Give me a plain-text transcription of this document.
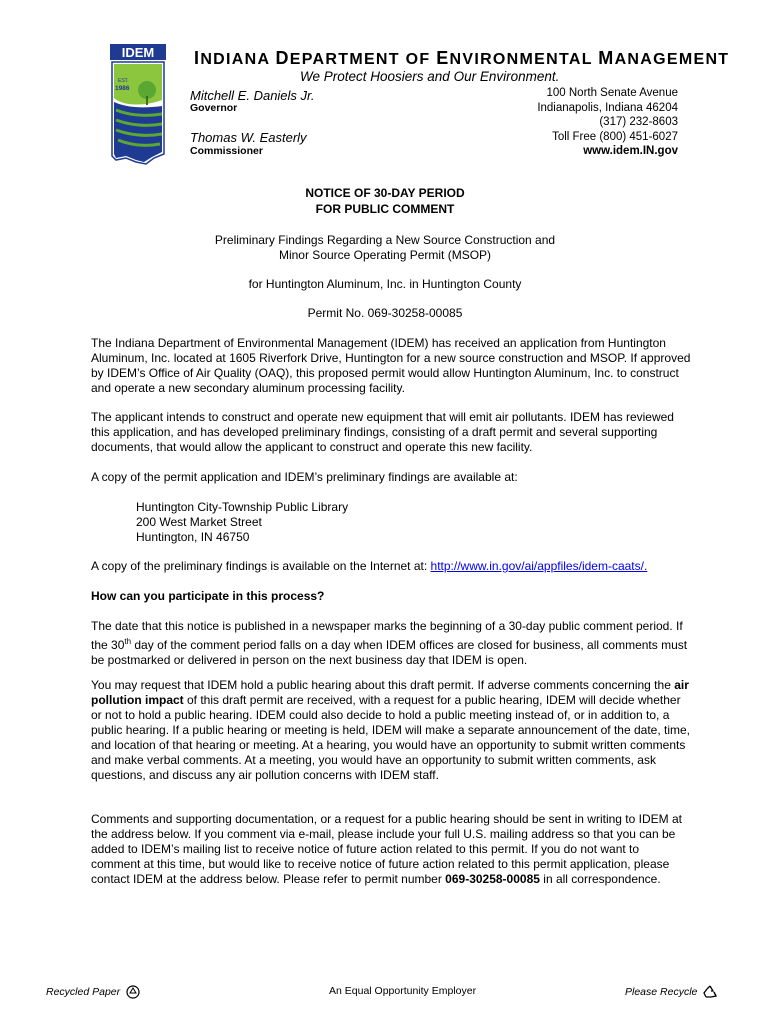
IDEM
EST.
1986
INDIANA DEPARTMENT OF ENVIRONMENTAL MANAGEMENT
We Protect Hoosiers and Our Environment.
Mitchell E. Daniels Jr.
Governor
Thomas W. Easterly
Commissioner
100 North Senate Avenue
Indianapolis, Indiana 46204
(317) 232-8603
Toll Free (800) 451-6027
www.idem.IN.gov
NOTICE OF 30-DAY PERIOD
FOR PUBLIC COMMENT
Preliminary Findings Regarding a New Source Construction and
Minor Source Operating Permit (MSOP)
for Huntington Aluminum, Inc. in Huntington County
Permit No. 069-30258-00085

The Indiana Department of Environmental Management (IDEM) has received an application from Huntington Aluminum, Inc. located at 1605 Riverfork Drive, Huntington for a new source construction and MSOP. If approved by IDEM’s Office of Air Quality (OAQ), this proposed permit would allow Huntington Aluminum, Inc. to construct and operate a new secondary aluminum processing facility.

The applicant intends to construct and operate new equipment that will emit air pollutants. IDEM has reviewed this application, and has developed preliminary findings, consisting of a draft permit and several supporting documents, that would allow the applicant to construct and operate this new facility.

A copy of the permit application and IDEM’s preliminary findings are available at:

Huntington City-Township Public Library
200 West Market Street
Huntington, IN 46750

A copy of the preliminary findings is available on the Internet at: http://www.in.gov/ai/appfiles/idem-caats/.

How can you participate in this process?

The date that this notice is published in a newspaper marks the beginning of a 30-day public comment period. If the 30th day of the comment period falls on a day when IDEM offices are closed for business, all comments must be postmarked or delivered in person on the next business day that IDEM is open.

You may request that IDEM hold a public hearing about this draft permit. If adverse comments concerning the air pollution impact of this draft permit are received, with a request for a public hearing, IDEM will decide whether or not to hold a public hearing. IDEM could also decide to hold a public meeting instead of, or in addition to, a public hearing. If a public hearing or meeting is held, IDEM will make a separate announcement of the date, time, and location of that hearing or meeting. At a hearing, you would have an opportunity to submit written comments and make verbal comments. At a meeting, you would have an opportunity to submit written comments, ask questions, and discuss any air pollution concerns with IDEM staff.

Comments and supporting documentation, or a request for a public hearing should be sent in writing to IDEM at the address below. If you comment via e-mail, please include your full U.S. mailing address so that you can be added to IDEM’s mailing list to receive notice of future action related to this permit. If you do not want to comment at this time, but would like to receive notice of future action related to this permit application, please contact IDEM at the address below. Please refer to permit number 069-30258-00085 in all correspondence.

Recycled Paper	An Equal Opportunity Employer	Please Recycle
